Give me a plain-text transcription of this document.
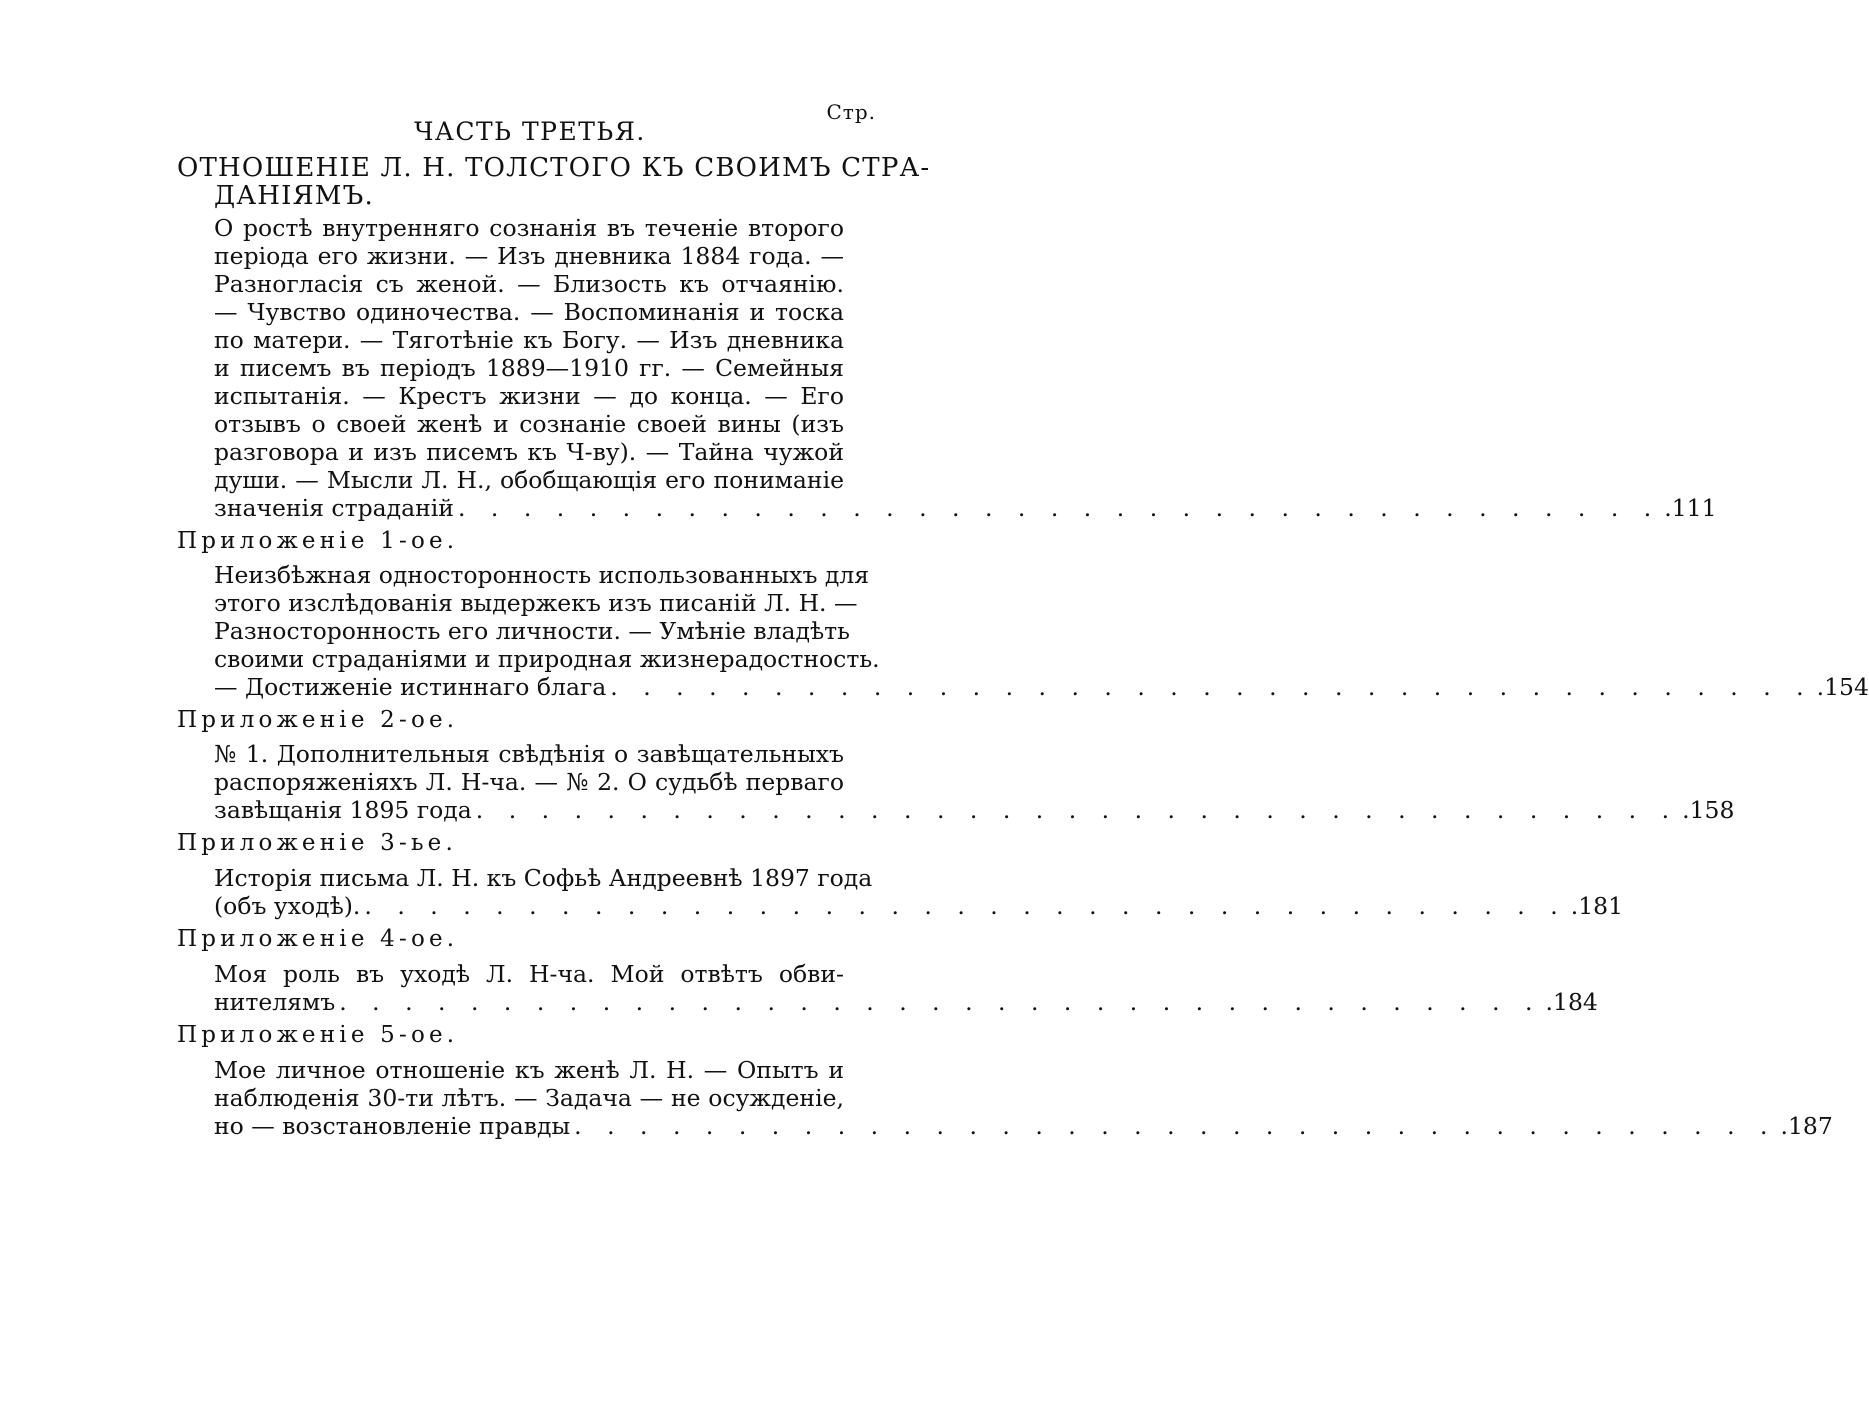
Стр.
ЧАСТЬ ТРЕТЬЯ.
ОТНОШЕНІЕ Л. Н. ТОЛСТОГО КЪ СВОИМЪ СТРА-
ДАНІЯМЪ.
О ростѣ внутренняго сознанія въ теченіе второго
періода его жизни. — Изъ дневника 1884 года. —
Разногласія съ женой. — Близость къ отчаянію.
— Чувство одиночества. — Воспоминанія и тоска
по матери. — Тяготѣніе къ Богу. — Изъ дневника
и писемъ въ періодъ 1889—1910 гг. — Семейныя
испытанія. — Крестъ жизни — до конца. — Его
отзывъ о своей женѣ и сознаніе своей вины (изъ
разговора и изъ писемъ къ Ч-ву). — Тайна чужой
души. — Мысли Л. Н., обобщающія его пониманіе
значенія страданій . . . . . . . . . . . . . . . . . . . . . . . . . . . . . . . . . . . . . .111
Приложеніе 1-ое.
Неизбѣжная односторонность использованныхъ для
этого изслѣдованія выдержекъ изъ писаній Л. Н. —
Разносторонность его личности. — Умѣніе владѣть
своими страданіями и природная жизнерадостность.
— Достиженіе истиннаго блага . . . . . . . . . . . . . . . . . . . . . . . . . . . . . . . . . . . . . .154
Приложеніе 2-ое.
№ 1. Дополнительныя свѣдѣнія о завѣщательныхъ
распоряженіяхъ Л. Н-ча. — № 2. О судьбѣ перваго
завѣщанія 1895 года . . . . . . . . . . . . . . . . . . . . . . . . . . . . . . . . . . . . . .158
Приложеніе 3-ье.
Исторія письма Л. Н. къ Софьѣ Андреевнѣ 1897 года
(объ уходѣ). . . . . . . . . . . . . . . . . . . . . . . . . . . . . . . . . . . . . . .181
Приложеніе 4-ое.
Моя роль въ уходѣ Л. Н-ча. Мой отвѣтъ обви-
нителямъ . . . . . . . . . . . . . . . . . . . . . . . . . . . . . . . . . . . . . .184
Приложеніе 5-ое.
Мое личное отношеніе къ женѣ Л. Н. — Опытъ и
наблюденія 30-ти лѣтъ. — Задача — не осужденіе,
но — возстановленіе правды . . . . . . . . . . . . . . . . . . . . . . . . . . . . . . . . . . . . . .187
